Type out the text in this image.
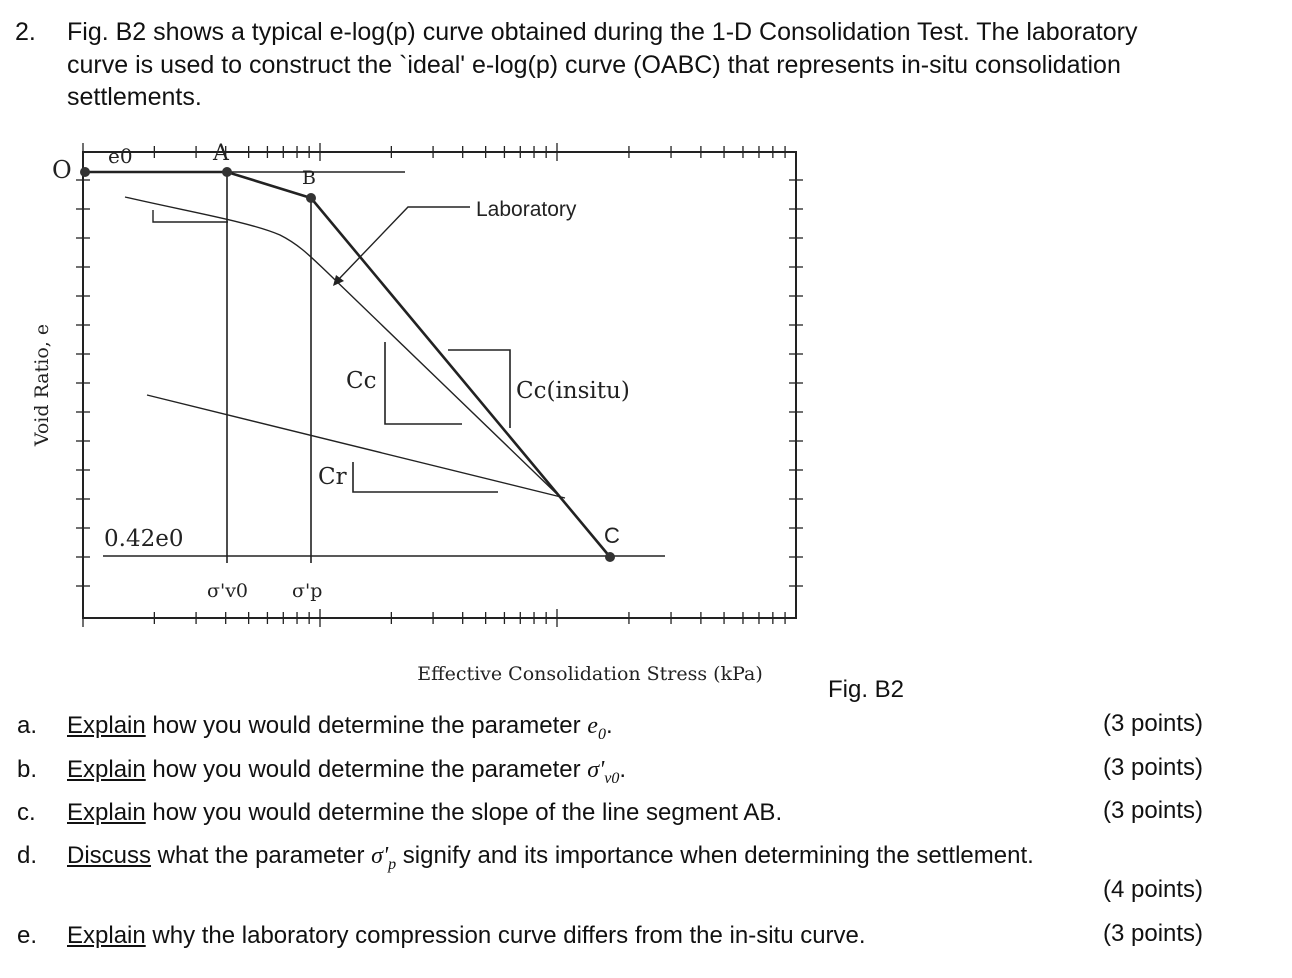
2. Fig. B2 shows a typical e-log(p) curve obtained during the 1-D Consolidation Test. The laboratory
curve is used to construct the `ideal' e-log(p) curve (OABC) that represents in-situ consolidation
settlements.
Void Ratio, e
O e0	A
B
C
Laboratory
Cc	Cc(insitu)
Cr
0.42e0
σ'v0 σ'p
Effective Consolidation Stress (kPa)
Fig. B2
a. Explain how you would determine the parameter $e_0$.	(3 points)
b. Explain how you would determine the parameter $\sigma'_{v0}$.	(3 points)
c. Explain how you would determine the slope of the line segment AB.	(3 points)
d. Discuss what the parameter $\sigma'_p$ signify and its importance when determining the settlement.
(4 points)
e. Explain why the laboratory compression curve differs from the in-situ curve.	(3 points)
